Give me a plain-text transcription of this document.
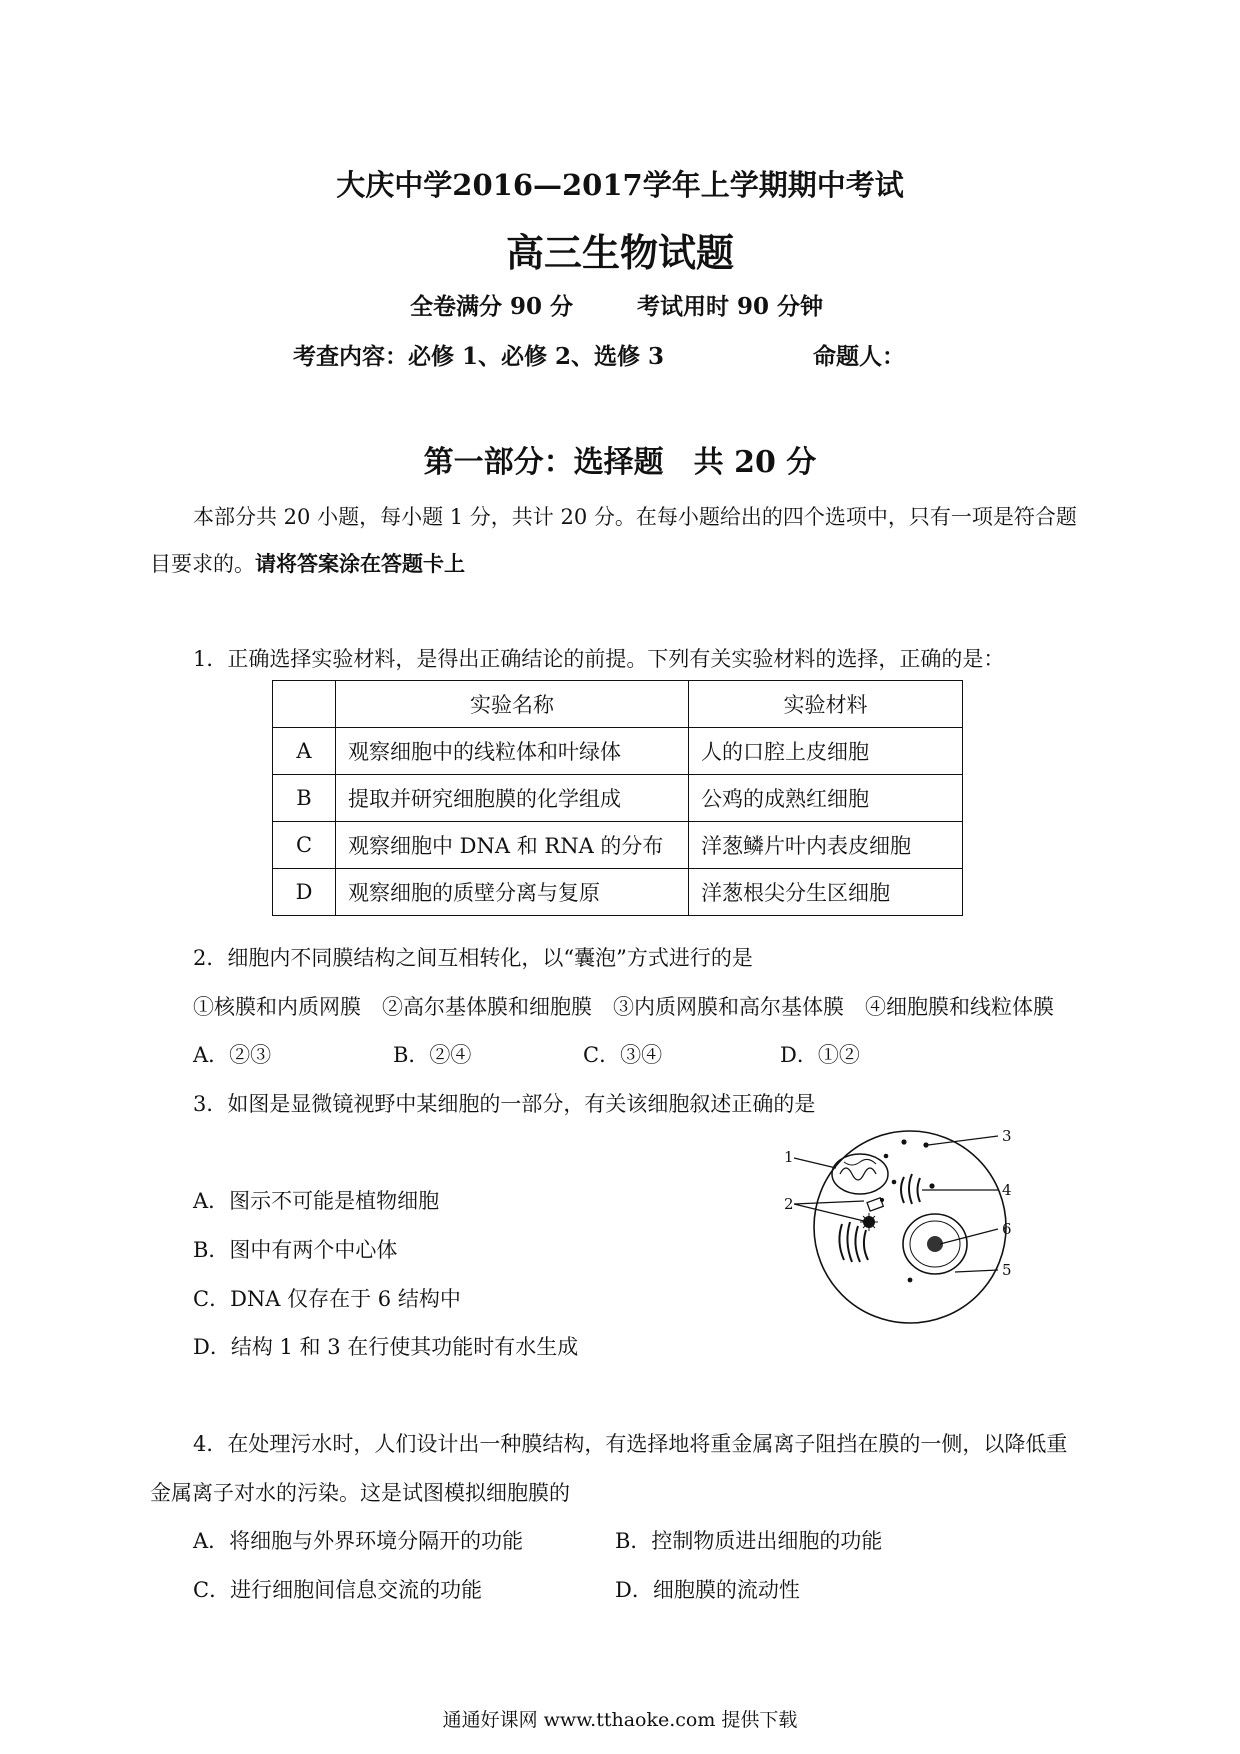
大庆中学2016—2017学年上学期期中考试
高三生物试题
全卷满分 90 分	考试用时 90 分钟
考查内容：必修 1、必修 2、选修 3	命题人：
第一部分：选择题　共 20 分
本部分共 20 小题，每小题 1 分，共计 20 分。在每小题给出的四个选项中，只有一项是符合题
目要求的。请将答案涂在答题卡上
1．正确选择实验材料，是得出正确结论的前提。下列有关实验材料的选择，正确的是：
	实验名称	实验材料
A	观察细胞中的线粒体和叶绿体	人的口腔上皮细胞
B	提取并研究细胞膜的化学组成	公鸡的成熟红细胞
C	观察细胞中 DNA 和 RNA 的分布	洋葱鳞片叶内表皮细胞
D	观察细胞的质壁分离与复原	洋葱根尖分生区细胞
2．细胞内不同膜结构之间互相转化，以“囊泡”方式进行的是
①核膜和内质网膜　②高尔基体膜和细胞膜　③内质网膜和高尔基体膜　④细胞膜和线粒体膜
A．②③	B．②④	C．③④	D．①②
3．如图是显微镜视野中某细胞的一部分，有关该细胞叙述正确的是
A．图示不可能是植物细胞
B．图中有两个中心体
C．DNA 仅存在于 6 结构中
D．结构 1 和 3 在行使其功能时有水生成
1
2
3
4
5
6
4．在处理污水时，人们设计出一种膜结构，有选择地将重金属离子阻挡在膜的一侧，以降低重
金属离子对水的污染。这是试图模拟细胞膜的
A．将细胞与外界环境分隔开的功能	B．控制物质进出细胞的功能
C．进行细胞间信息交流的功能	D．细胞膜的流动性
通通好课网 www.tthaoke.com 提供下载
